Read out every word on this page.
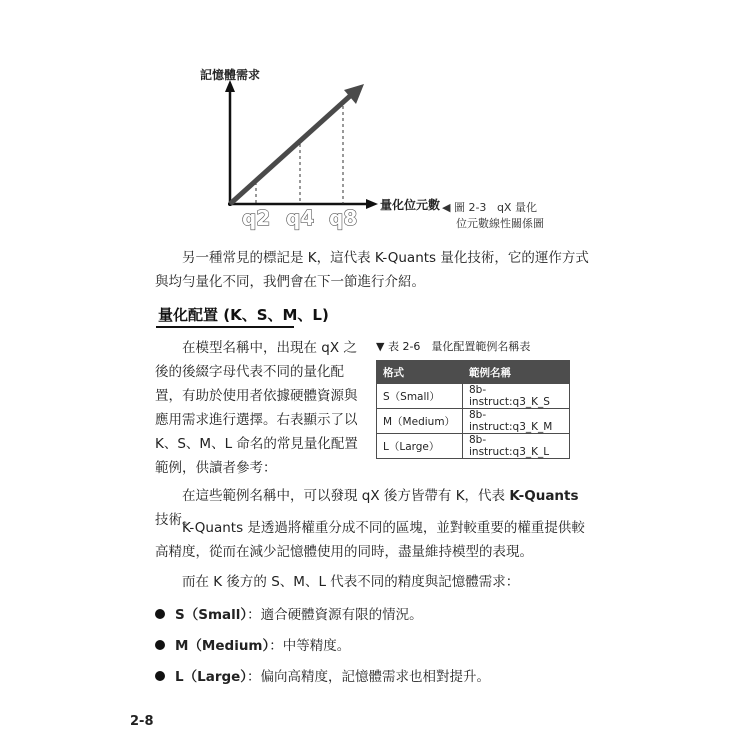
記憶體需求
量化位元數
q2 q4 q8	◀ 圖 2-3 qX 量化
位元數線性關係圖
另一種常見的標記是 K，這代表 K-Quants 量化技術，它的運作方式與均勻量化不同，我們會在下一節進行介紹。
量化配置 (K、S、M、L)
在模型名稱中，出現在 qX 之後的後綴字母代表不同的量化配置，有助於使用者依據硬體資源與應用需求進行選擇。右表顯示了以 K、S、M、L 命名的常見量化配置範例，供讀者參考：
▼ 表 2-6　量化配置範例名稱表
格式	範例名稱
S（Small）	8b-instruct:q3_K_S
M（Medium）	8b-instruct:q3_K_M
L（Large）	8b-instruct:q3_K_L
在這些範例名稱中，可以發現 qX 後方皆帶有 K，代表 K-Quants 技術。
K-Quants 是透過將權重分成不同的區塊，並對較重要的權重提供較高精度，從而在減少記憶體使用的同時，盡量維持模型的表現。
而在 K 後方的 S、M、L 代表不同的精度與記憶體需求：
S（Small）：適合硬體資源有限的情況。
M（Medium）：中等精度。
L（Large）：偏向高精度，記憶體需求也相對提升。
2-8
